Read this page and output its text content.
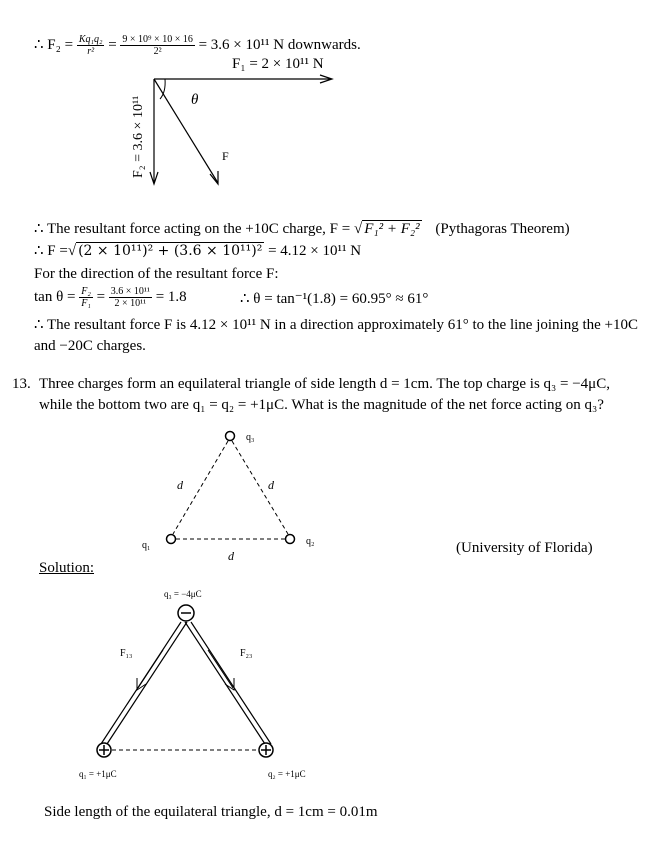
∴ $F_2 = \frac{\text{Kq₁q₂}}{\text{r²}} = \frac{\text{9 × 10⁹ × 10 × 16}}{\text{2²}} = 3.6 \times 10^{11}$ N downwards.
F₁ = 2 × 10¹¹ N
F₂ = 3.6 × 10¹¹	θ
F
∴ The resultant force acting on the +10C charge, F = √ F₁² + F₂² (Pythagoras Theorem)
∴ F =√ (2 × 10¹¹)² + (3.6 × 10¹¹)² = 4.12 × 10¹¹ N
For the direction of the resultant force F:
$\tan \theta = \frac{\text{F₂}}{\text{F₁}} = \frac{\text{3.6 × 10¹¹}}{\text{2 × 10¹¹}} = 1.8$	∴ θ = tan⁻¹(1.8) = 60.95° ≈ 61°
∴ The resultant force F is 4.12 × 10¹¹ N in a direction approximately 61° to the line joining the +10C
and −20C charges.
13. Three charges form an equilateral triangle of side length d = 1cm. The top charge is q₃ = −4μC,
while the bottom two are q₁ = q₂ = +1μC. What is the magnitude of the net force acting on q₃?
q₃
q₁	q₂
d	d
d	(University of Florida)
Solution:
q₃ = −4μC
F₁₃	F₂₃
q₁ = +1μC	q₂ = +1μC
Side length of the equilateral triangle, d = 1cm = 0.01m
